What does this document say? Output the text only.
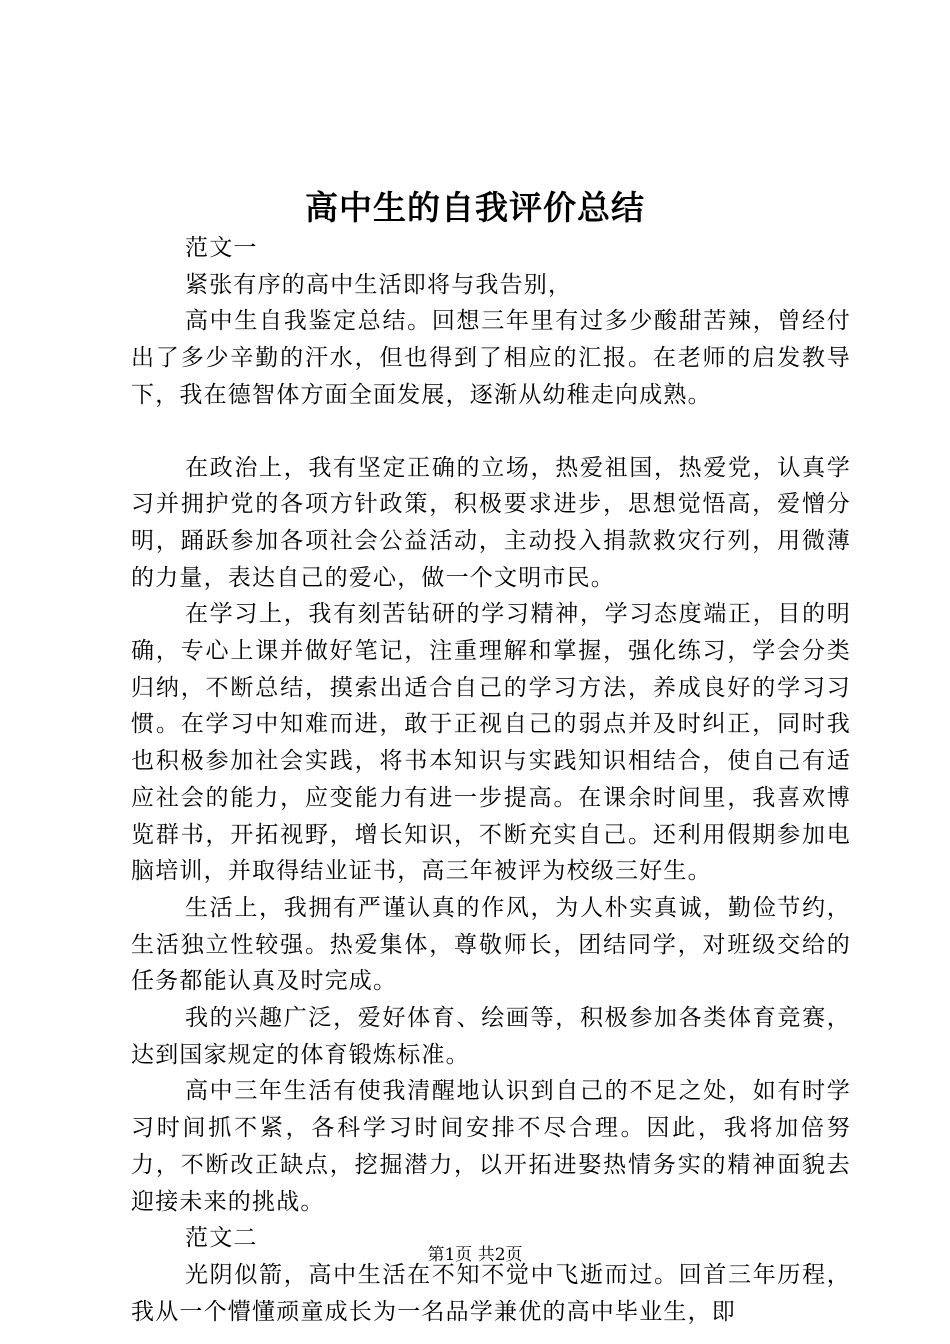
高中生的自我评价总结

范文一

紧张有序的高中生活即将与我告别，

高中生自我鉴定总结。回想三年里有过多少酸甜苦辣，曾经付出了多少辛勤的汗水，但也得到了相应的汇报。在老师的启发教导下，我在德智体方面全面发展，逐渐从幼稚走向成熟。

在政治上，我有坚定正确的立场，热爱祖国，热爱党，认真学习并拥护党的各项方针政策，积极要求进步，思想觉悟高，爱憎分明，踊跃参加各项社会公益活动，主动投入捐款救灾行列，用微薄的力量，表达自己的爱心，做一个文明市民。

在学习上，我有刻苦钻研的学习精神，学习态度端正，目的明确，专心上课并做好笔记，注重理解和掌握，强化练习，学会分类归纳，不断总结，摸索出适合自己的学习方法，养成良好的学习习惯。在学习中知难而进，敢于正视自己的弱点并及时纠正，同时我也积极参加社会实践，将书本知识与实践知识相结合，使自己有适应社会的能力，应变能力有进一步提高。在课余时间里，我喜欢博览群书，开拓视野，增长知识，不断充实自己。还利用假期参加电脑培训，并取得结业证书，高三年被评为校级三好生。

生活上，我拥有严谨认真的作风，为人朴实真诚，勤俭节约，生活独立性较强。热爱集体，尊敬师长，团结同学，对班级交给的任务都能认真及时完成。

我的兴趣广泛，爱好体育、绘画等，积极参加各类体育竞赛，达到国家规定的体育锻炼标准。

高中三年生活有使我清醒地认识到自己的不足之处，如有时学习时间抓不紧，各科学习时间安排不尽合理。因此，我将加倍努力，不断改正缺点，挖掘潜力，以开拓进娶热情务实的精神面貌去迎接未来的挑战。

范文二

光阴似箭，高中生活在不知不觉中飞逝而过。回首三年历程，我从一个懵懂顽童成长为一名品学兼优的高中毕业生，即

第1页 共2页
